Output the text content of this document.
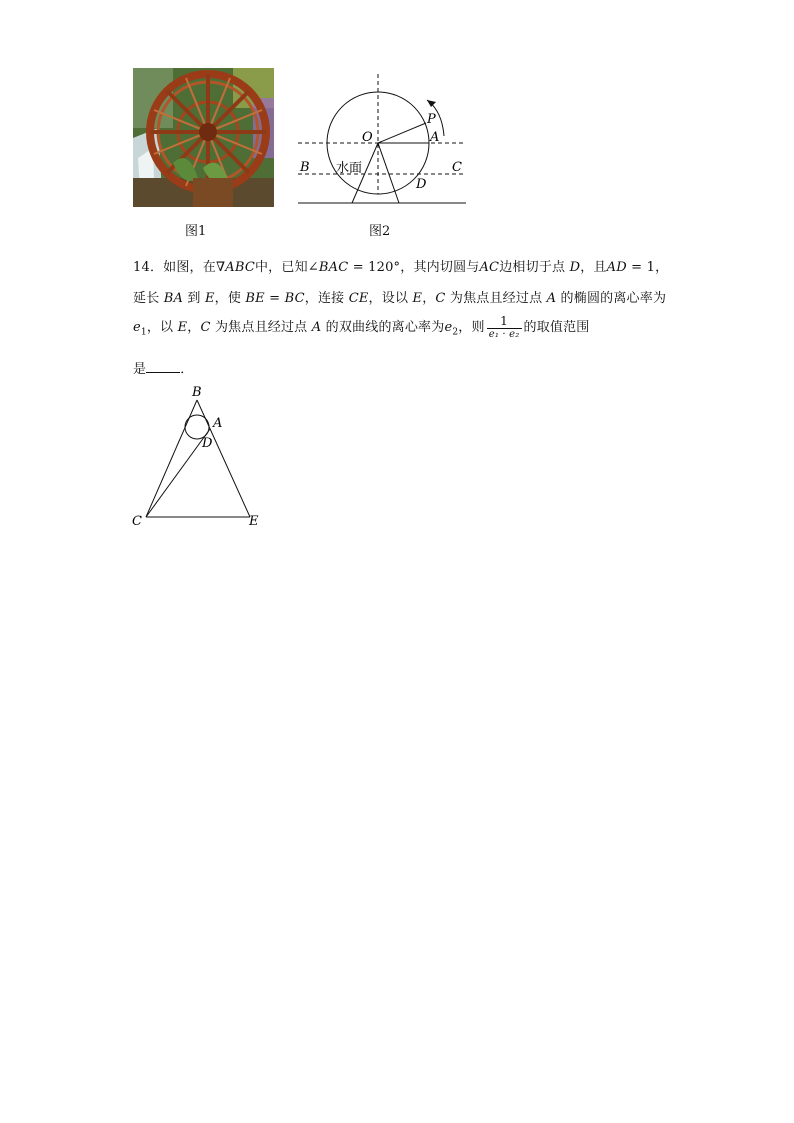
图1
O
P
A
B	C
D
水面
图2
14．如图，在∇ABC中，已知∠BAC = 120°，其内切圆与AC边相切于点 D，且AD = 1，
延长 BA 到 E，使 BE = BC，连接 CE，设以 E，C 为焦点且经过点 A 的椭圆的离心率为
$e_1$，以 E，C 为焦点且经过点 A 的双曲线的离心率为$e_2$，则 $\frac{1}{\text{e₁ · e₂}}$ 的取值范围
是	．
B
A
D
C	E
